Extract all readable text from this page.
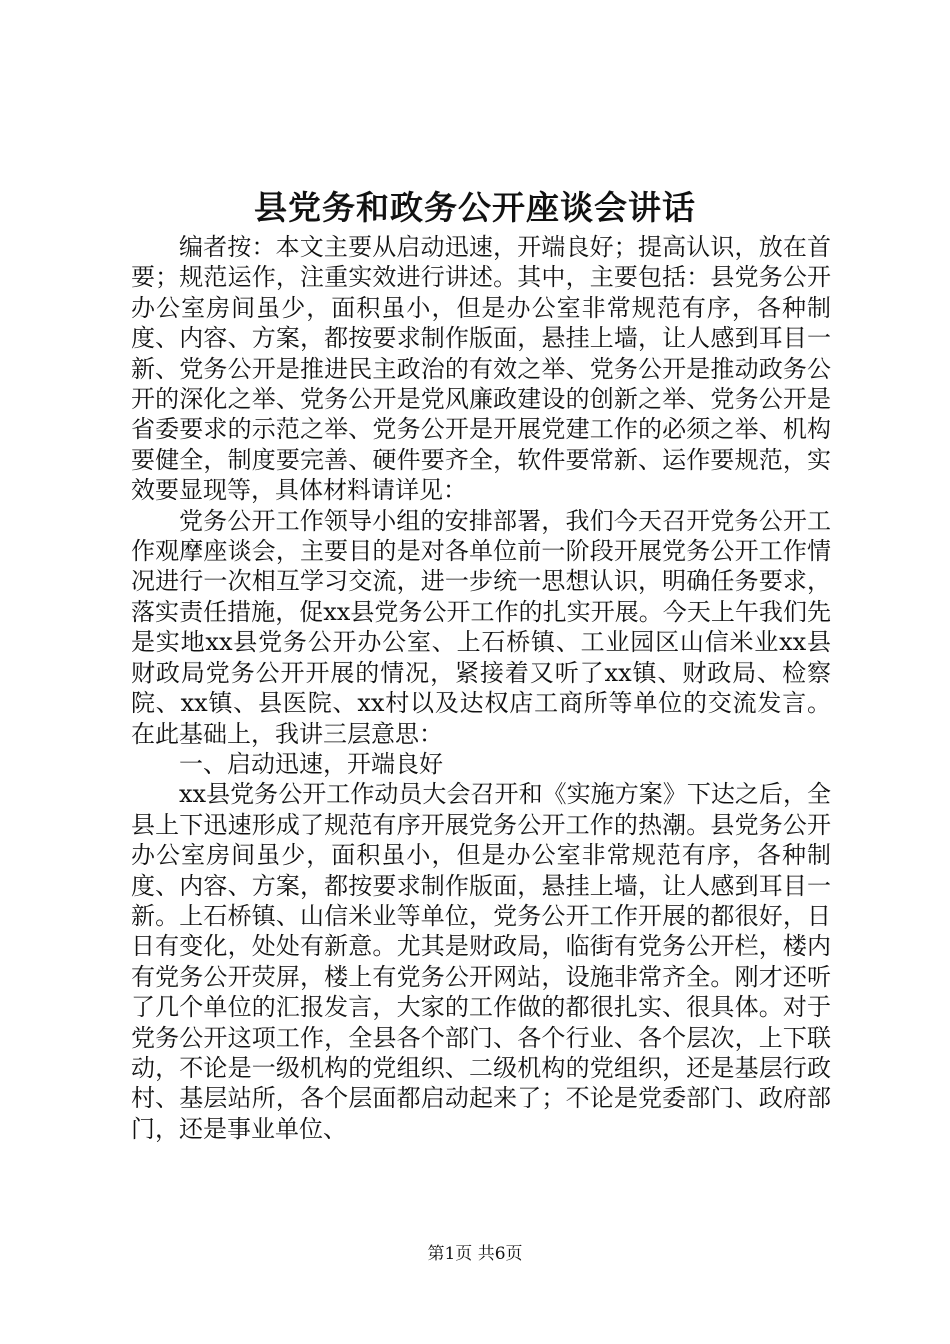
县党务和政务公开座谈会讲话

编者按：本文主要从启动迅速，开端良好；提高认识，放在首要；规范运作，注重实效进行讲述。其中，主要包括：县党务公开办公室房间虽少，面积虽小，但是办公室非常规范有序，各种制度、内容、方案，都按要求制作版面，悬挂上墙，让人感到耳目一新、党务公开是推进民主政治的有效之举、党务公开是推动政务公开的深化之举、党务公开是党风廉政建设的创新之举、党务公开是省委要求的示范之举、党务公开是开展党建工作的必须之举、机构要健全，制度要完善、硬件要齐全，软件要常新、运作要规范，实效要显现等，具体材料请详见：

党务公开工作领导小组的安排部署，我们今天召开党务公开工作观摩座谈会，主要目的是对各单位前一阶段开展党务公开工作情况进行一次相互学习交流，进一步统一思想认识，明确任务要求，落实责任措施，促xx县党务公开工作的扎实开展。今天上午我们先是实地xx县党务公开办公室、上石桥镇、工业园区山信米业xx县财政局党务公开开展的情况，紧接着又听了xx镇、财政局、检察院、xx镇、县医院、xx村以及达权店工商所等单位的交流发言。在此基础上，我讲三层意思：

一、启动迅速，开端良好

xx县党务公开工作动员大会召开和《实施方案》下达之后，全县上下迅速形成了规范有序开展党务公开工作的热潮。县党务公开办公室房间虽少，面积虽小，但是办公室非常规范有序，各种制度、内容、方案，都按要求制作版面，悬挂上墙，让人感到耳目一新。上石桥镇、山信米业等单位，党务公开工作开展的都很好，日日有变化，处处有新意。尤其是财政局，临街有党务公开栏，楼内有党务公开荧屏，楼上有党务公开网站，设施非常齐全。刚才还听了几个单位的汇报发言，大家的工作做的都很扎实、很具体。对于党务公开这项工作，全县各个部门、各个行业、各个层次，上下联动，不论是一级机构的党组织、二级机构的党组织，还是基层行政村、基层站所，各个层面都启动起来了；不论是党委部门、政府部门，还是事业单位、

第1页 共6页
